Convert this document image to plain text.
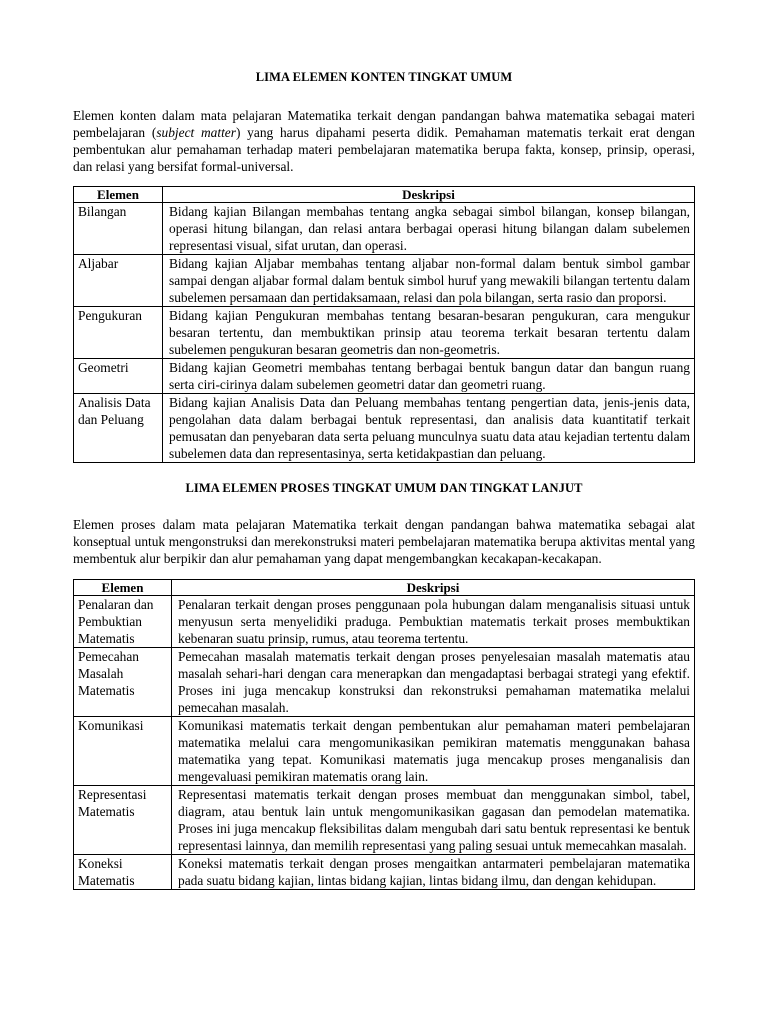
LIMA ELEMEN KONTEN TINGKAT UMUM

Elemen konten dalam mata pelajaran Matematika terkait dengan pandangan bahwa matematika sebagai materi pembelajaran (subject matter) yang harus dipahami peserta didik. Pemahaman matematis terkait erat dengan pembentukan alur pemahaman terhadap materi pembelajaran matematika berupa fakta, konsep, prinsip, operasi, dan relasi yang bersifat formal-universal.

Elemen	Deskripsi
Bilangan	Bidang kajian Bilangan membahas tentang angka sebagai simbol bilangan, konsep bilangan, operasi hitung bilangan, dan relasi antara berbagai operasi hitung bilangan dalam subelemen representasi visual, sifat urutan, dan operasi.
Aljabar	Bidang kajian Aljabar membahas tentang aljabar non-formal dalam bentuk simbol gambar sampai dengan aljabar formal dalam bentuk simbol huruf yang mewakili bilangan tertentu dalam subelemen persamaan dan pertidaksamaan, relasi dan pola bilangan, serta rasio dan proporsi.
Pengukuran	Bidang kajian Pengukuran membahas tentang besaran-besaran pengukuran, cara mengukur besaran tertentu, dan membuktikan prinsip atau teorema terkait besaran tertentu dalam subelemen pengukuran besaran geometris dan non-geometris.
Geometri	Bidang kajian Geometri membahas tentang berbagai bentuk bangun datar dan bangun ruang serta ciri-cirinya dalam subelemen geometri datar dan geometri ruang.
Analisis Data dan Peluang	Bidang kajian Analisis Data dan Peluang membahas tentang pengertian data, jenis-jenis data, pengolahan data dalam berbagai bentuk representasi, dan analisis data kuantitatif terkait pemusatan dan penyebaran data serta peluang munculnya suatu data atau kejadian tertentu dalam subelemen data dan representasinya, serta ketidakpastian dan peluang.
LIMA ELEMEN PROSES TINGKAT UMUM DAN TINGKAT LANJUT

Elemen proses dalam mata pelajaran Matematika terkait dengan pandangan bahwa matematika sebagai alat konseptual untuk mengonstruksi dan merekonstruksi materi pembelajaran matematika berupa aktivitas mental yang membentuk alur berpikir dan alur pemahaman yang dapat mengembangkan kecakapan-kecakapan.

Elemen	Deskripsi
Penalaran dan Pembuktian Matematis	Penalaran terkait dengan proses penggunaan pola hubungan dalam menganalisis situasi untuk menyusun serta menyelidiki praduga. Pembuktian matematis terkait proses membuktikan kebenaran suatu prinsip, rumus, atau teorema tertentu.
Pemecahan Masalah Matematis	Pemecahan masalah matematis terkait dengan proses penyelesaian masalah matematis atau masalah sehari-hari dengan cara menerapkan dan mengadaptasi berbagai strategi yang efektif. Proses ini juga mencakup konstruksi dan rekonstruksi pemahaman matematika melalui pemecahan masalah.
Komunikasi	Komunikasi matematis terkait dengan pembentukan alur pemahaman materi pembelajaran matematika melalui cara mengomunikasikan pemikiran matematis menggunakan bahasa matematika yang tepat. Komunikasi matematis juga mencakup proses menganalisis dan mengevaluasi pemikiran matematis orang lain.
Representasi Matematis	Representasi matematis terkait dengan proses membuat dan menggunakan simbol, tabel, diagram, atau bentuk lain untuk mengomunikasikan gagasan dan pemodelan matematika. Proses ini juga mencakup fleksibilitas dalam mengubah dari satu bentuk representasi ke bentuk representasi lainnya, dan memilih representasi yang paling sesuai untuk memecahkan masalah.
Koneksi Matematis	Koneksi matematis terkait dengan proses mengaitkan antarmateri pembelajaran matematika pada suatu bidang kajian, lintas bidang kajian, lintas bidang ilmu, dan dengan kehidupan.
